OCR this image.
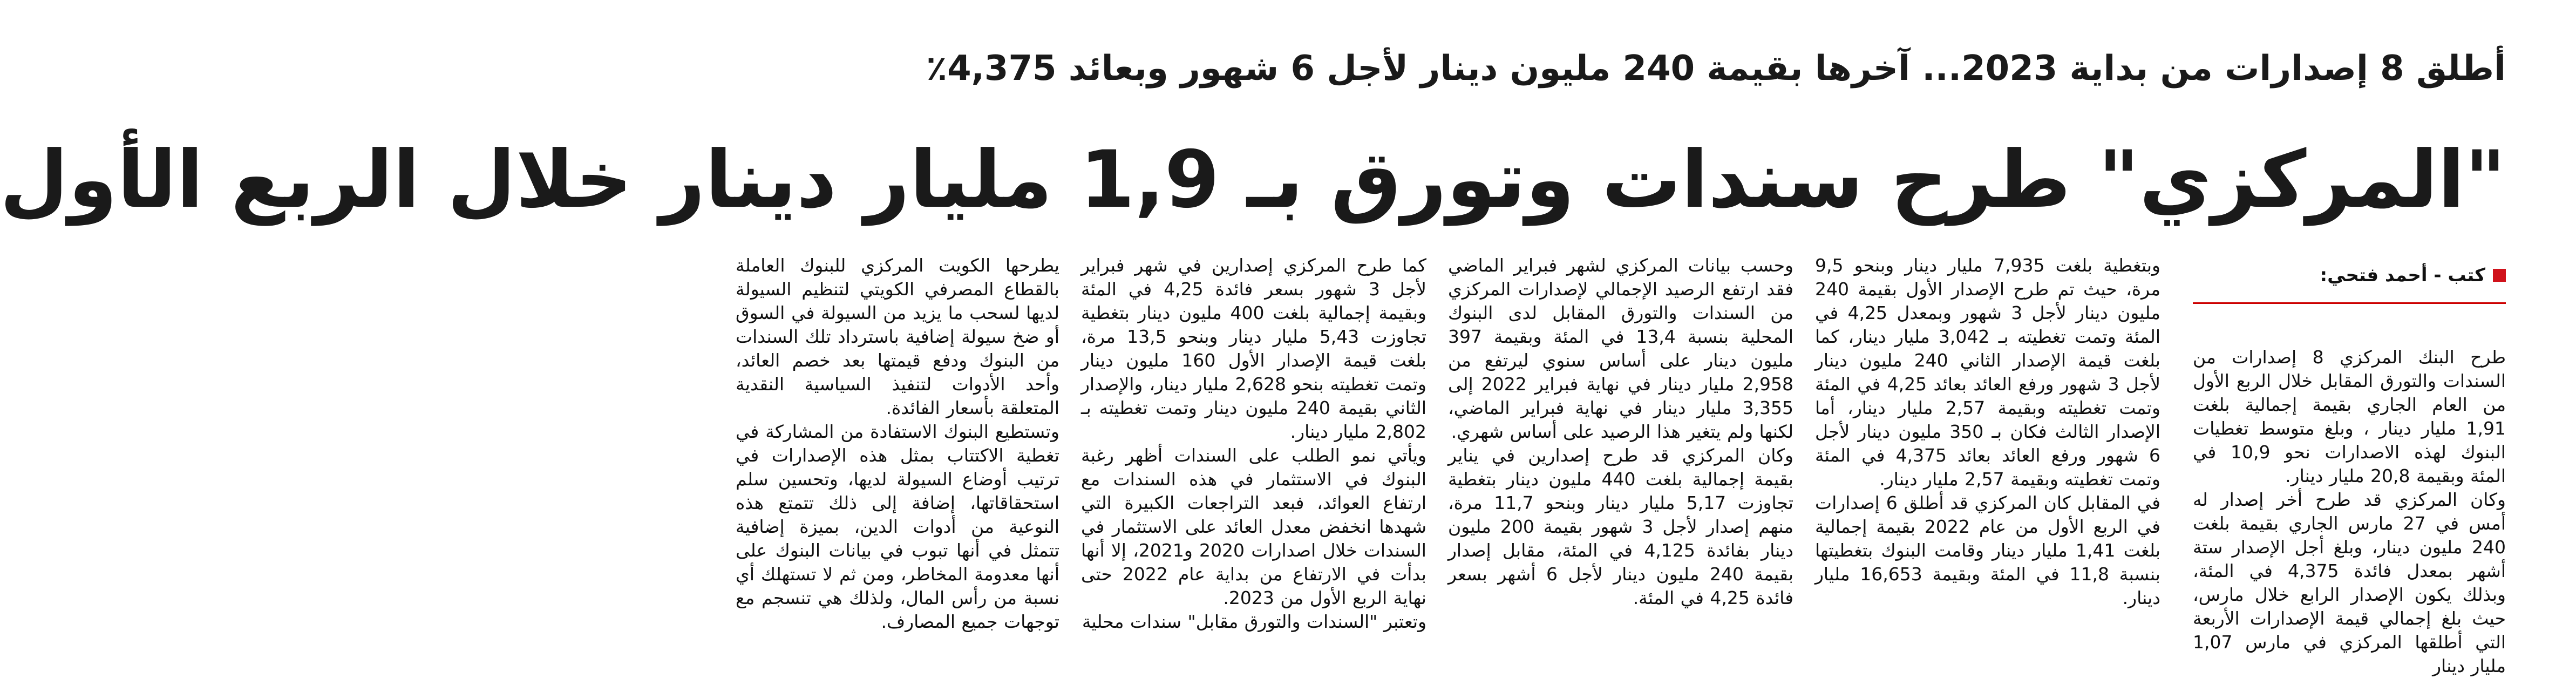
أطلق 8 إصدارات من بداية 2023... آخرها بقيمة 240 مليون دينار لأجل 6 شهور وبعائد 4,375٪
"المركزي" طرح سندات وتورق بـ 1,9 مليار دينار خلال الربع الأول
كتب - أحمد فتحي:

طرح البنك المركزي 8 إصدارات من السندات والتورق المقابل خلال الربع الأول من العام الجاري بقيمة إجمالية بلغت 1,91 مليار دينار ، وبلغ متوسط تغطيات البنوك لهذه الاصدارات نحو 10,9 في المئة وبقيمة 20,8 مليار دينار.

وكان المركزي قد طرح أخر إصدار له أمس في 27 مارس الجاري بقيمة بلغت 240 مليون دينار، وبلغ أجل الإصدار ستة أشهر بمعدل فائدة 4,375 في المئة، وبذلك يكون الإصدار الرابع خلال مارس، حيث بلغ إجمالي قيمة الإصدارات الأربعة التي أطلقها المركزي في مارس 1,07 مليار دينار

وبتغطية بلغت 7,935 مليار دينار وبنحو 9,5 مرة، حيث تم طرح الإصدار الأول بقيمة 240 مليون دينار لأجل 3 شهور وبمعدل 4,25 في المئة وتمت تغطيته بـ 3,042 مليار دينار، كما بلغت قيمة الإصدار الثاني 240 مليون دينار لأجل 3 شهور ورفع العائد بعائد 4,25 في المئة وتمت تغطيته وبقيمة 2,57 مليار دينار، أما الإصدار الثالث فكان بـ 350 مليون دينار لأجل 6 شهور ورفع العائد بعائد 4,375 في المئة وتمت تغطيته وبقيمة 2,57 مليار دينار.

في المقابل كان المركزي قد أطلق 6 إصدارات في الربع الأول من عام 2022 بقيمة إجمالية بلغت 1,41 مليار دينار وقامت البنوك بتغطيتها بنسبة 11,8 في المئة وبقيمة 16,653 مليار دينار.

وحسب بيانات المركزي لشهر فبراير الماضي فقد ارتفع الرصيد الإجمالي لإصدارات المركزي من السندات والتورق المقابل لدى البنوك المحلية بنسبة 13,4 في المئة وبقيمة 397 مليون دينار على أساس سنوي ليرتفع من 2,958 مليار دينار في نهاية فبراير 2022 إلى 3,355 مليار دينار في نهاية فبراير الماضي، لكنها ولم يتغير هذا الرصيد على أساس شهري.

وكان المركزي قد طرح إصدارين في يناير بقيمة إجمالية بلغت 440 مليون دينار بتغطية تجاوزت 5,17 مليار دينار وبنحو 11,7 مرة، منهم إصدار لأجل 3 شهور بقيمة 200 مليون دينار بفائدة 4,125 في المئة، مقابل إصدار بقيمة 240 مليون دينار لأجل 6 أشهر بسعر فائدة 4,25 في المئة.

كما طرح المركزي إصدارين في شهر فبراير لأجل 3 شهور بسعر فائدة 4,25 في المئة وبقيمة إجمالية بلغت 400 مليون دينار بتغطية تجاوزت 5,43 مليار دينار وبنحو 13,5 مرة، بلغت قيمة الإصدار الأول 160 مليون دينار وتمت تغطيته بنحو 2,628 مليار دينار، والإصدار الثاني بقيمة 240 مليون دينار وتمت تغطيته بـ 2,802 مليار دينار.

ويأتي نمو الطلب على السندات أظهر رغبة البنوك في الاستثمار في هذه السندات مع ارتفاع العوائد، فبعد التراجعات الكبيرة التي شهدها انخفض معدل العائد على الاستثمار في السندات خلال اصدارات 2020 و2021، إلا أنها بدأت في الارتفاع من بداية عام 2022 حتى نهاية الربع الأول من 2023.

وتعتبر "السندات والتورق مقابل" سندات محلية

يطرحها الكويت المركزي للبنوك العاملة بالقطاع المصرفي الكويتي لتنظيم السيولة لديها لسحب ما يزيد من السيولة في السوق أو ضخ سيولة إضافية باسترداد تلك السندات من البنوك ودفع قيمتها بعد خصم العائد، وأحد الأدوات لتنفيذ السياسية النقدية المتعلقة بأسعار الفائدة.

وتستطيع البنوك الاستفادة من المشاركة في تغطية الاكتتاب بمثل هذه الإصدارات في ترتيب أوضاع السيولة لديها، وتحسين سلم استحقاقاتها، إضافة إلى ذلك تتمتع هذه النوعية من أدوات الدين، بميزة إضافية تتمثل في أنها تبوب في بيانات البنوك على أنها معدومة المخاطر، ومن ثم لا تستهلك أي نسبة من رأس المال، ولذلك هي تنسجم مع توجهات جميع المصارف.
